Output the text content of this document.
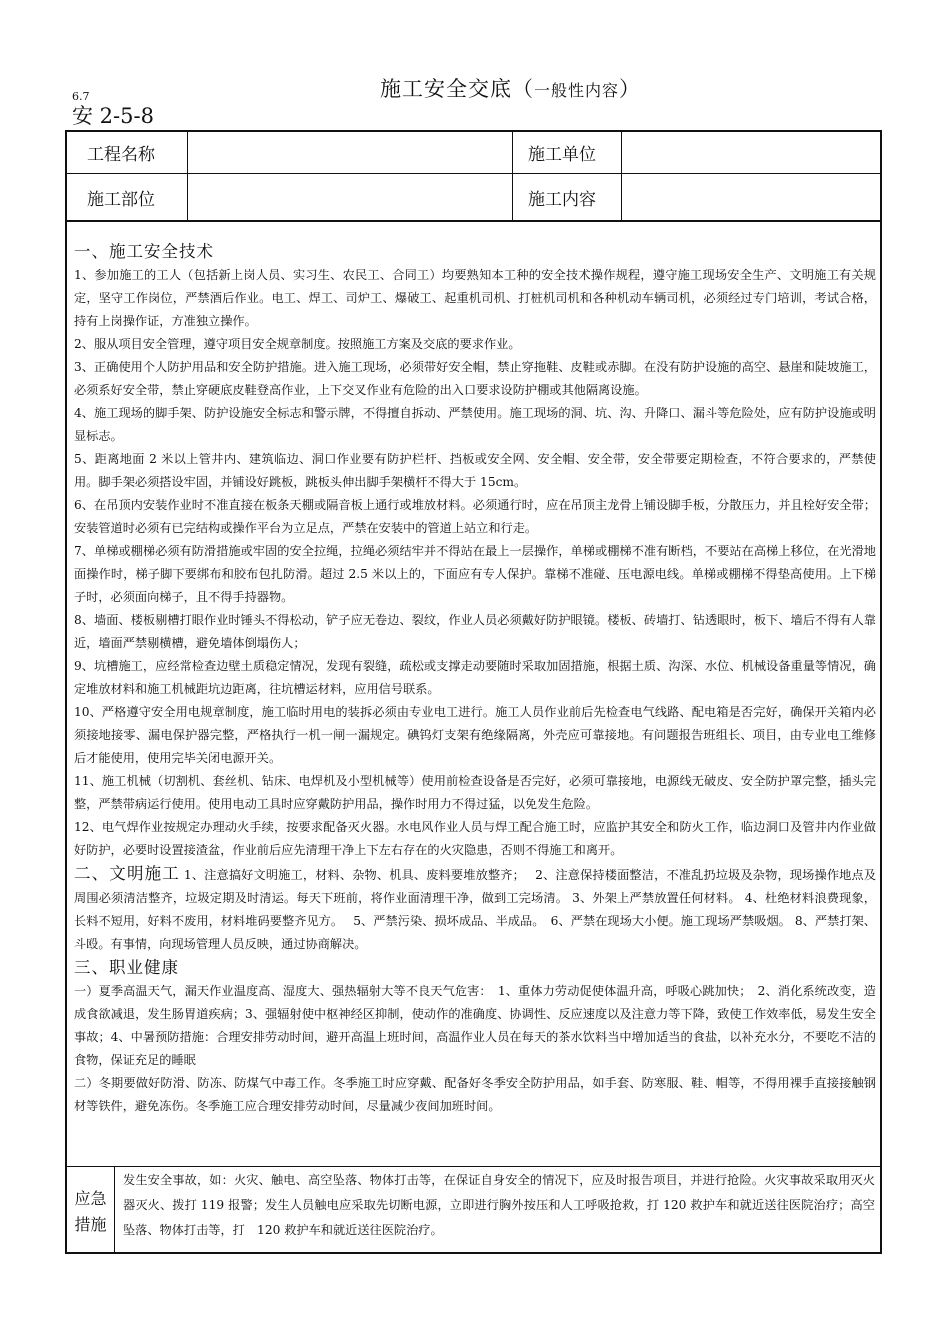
6.7
安 2-5-8
施工安全交底（一般性内容）
工程名称	施工单位
施工部位	施工内容
一、施工安全技术

1、参加施工的工人（包括新上岗人员、实习生、农民工、合同工）均要熟知本工种的安全技术操作规程，遵守施工现场安全生产、文明施工有关规定，坚守工作岗位，严禁酒后作业。电工、焊工、司炉工、爆破工、起重机司机、打桩机司机和各种机动车辆司机，必须经过专门培训，考试合格，持有上岗操作证，方准独立操作。

2、服从项目安全管理，遵守项目安全规章制度。按照施工方案及交底的要求作业。

3、正确使用个人防护用品和安全防护措施。进入施工现场，必须带好安全帽，禁止穿拖鞋、皮鞋或赤脚。在没有防护设施的高空、悬崖和陡坡施工，必须系好安全带，禁止穿硬底皮鞋登高作业，上下交叉作业有危险的出入口要求设防护棚或其他隔离设施。

4、施工现场的脚手架、防护设施安全标志和警示牌，不得擅自拆动、严禁使用。施工现场的洞、坑、沟、升降口、漏斗等危险处，应有防护设施或明显标志。

5、距离地面 2 米以上管井内、建筑临边、洞口作业要有防护栏杆、挡板或安全网、安全帽、安全带，安全带要定期检查，不符合要求的，严禁使用。脚手架必须搭设牢固，并铺设好跳板，跳板头伸出脚手架横杆不得大于 15cm。

6、在吊顶内安装作业时不准直接在板条天棚或隔音板上通行或堆放材料。必须通行时，应在吊顶主龙骨上铺设脚手板，分散压力，并且栓好安全带；安装管道时必须有已完结构或操作平台为立足点，严禁在安装中的管道上站立和行走。

7、单梯或棚梯必须有防滑措施或牢固的安全拉绳，拉绳必须结牢并不得站在最上一层操作，单梯或棚梯不准有断档，不要站在高梯上移位，在光滑地面操作时，梯子脚下要绑布和胶布包扎防滑。超过 2.5 米以上的，下面应有专人保护。靠梯不准碰、压电源电线。单梯或棚梯不得垫高使用。上下梯子时，必须面向梯子，且不得手持器物。

8、墙面、楼板剔槽打眼作业时锤头不得松动，铲子应无卷边、裂纹，作业人员必须戴好防护眼镜。楼板、砖墙打、钻透眼时，板下、墙后不得有人靠近，墙面严禁剔横槽，避免墙体倒塌伤人；

9、坑槽施工，应经常检查边壁土质稳定情况，发现有裂缝，疏松或支撑走动要随时采取加固措施，根据土质、沟深、水位、机械设备重量等情况，确定堆放材料和施工机械距坑边距离，往坑槽运材料，应用信号联系。

10、严格遵守安全用电规章制度，施工临时用电的装拆必须由专业电工进行。施工人员作业前后先检查电气线路、配电箱是否完好，确保开关箱内必须接地接零、漏电保护器完整，严格执行一机一闸一漏规定。碘钨灯支架有绝缘隔离，外壳应可靠接地。有问题报告班组长、项目，由专业电工维修后才能使用，使用完毕关闭电源开关。

11、施工机械（切割机、套丝机、钻床、电焊机及小型机械等）使用前检查设备是否完好，必须可靠接地，电源线无破皮、安全防护罩完整，插头完整，严禁带病运行使用。使用电动工具时应穿戴防护用品，操作时用力不得过猛，以免发生危险。

12、电气焊作业按规定办理动火手续，按要求配备灭火器。水电风作业人员与焊工配合施工时，应监护其安全和防火工作，临边洞口及管井内作业做好防护，必要时设置接渣盆，作业前后应先清理干净上下左右存在的火灾隐患，否则不得施工和离开。

二、文明施工 1、注意搞好文明施工，材料、杂物、机具、废料要堆放整齐；　 2、注意保持楼面整洁，不准乱扔垃圾及杂物，现场操作地点及周围必须清洁整齐，垃圾定期及时清运。每天下班前，将作业面清理干净，做到工完场清。 3、外架上严禁放置任何材料。 4、杜绝材料浪费现象，长料不短用，好料不废用，材料堆码要整齐见方。　 5、严禁污染、损坏成品、半成品。　6、严禁在现场大小便。施工现场严禁吸烟。 8、严禁打架、斗殴。有事情，向现场管理人员反映，通过协商解决。

三、职业健康

一）夏季高温天气，漏天作业温度高、湿度大、强热辐射大等不良天气危害：　1、重体力劳动促使体温升高，呼吸心跳加快；　2、消化系统改变，造成食欲减退，发生肠胃道疾病；3、强辐射使中枢神经区抑制，使动作的准确度、协调性、反应速度以及注意力等下降，致使工作效率低，易发生安全事故；4、中暑预防措施：合理安排劳动时间，避开高温上班时间，高温作业人员在每天的茶水饮料当中增加适当的食盐，以补充水分，不要吃不洁的食物，保证充足的睡眠

二）冬期要做好防滑、防冻、防煤气中毒工作。冬季施工时应穿戴、配备好冬季安全防护用品，如手套、防寒服、鞋、帽等，不得用裸手直接接触钢材等铁件，避免冻伤。冬季施工应合理安排劳动时间，尽量减少夜间加班时间。

应急
措施
发生安全事故，如：火灾、触电、高空坠落、物体打击等，在保证自身安全的情况下，应及时报告项目，并进行抢险。火灾事故采取用灭火器灭火、拨打 119 报警；发生人员触电应采取先切断电源，立即进行胸外按压和人工呼吸抢救，打 120 救护车和就近送往医院治疗；高空坠落、物体打击等，打　120 救护车和就近送往医院治疗。
